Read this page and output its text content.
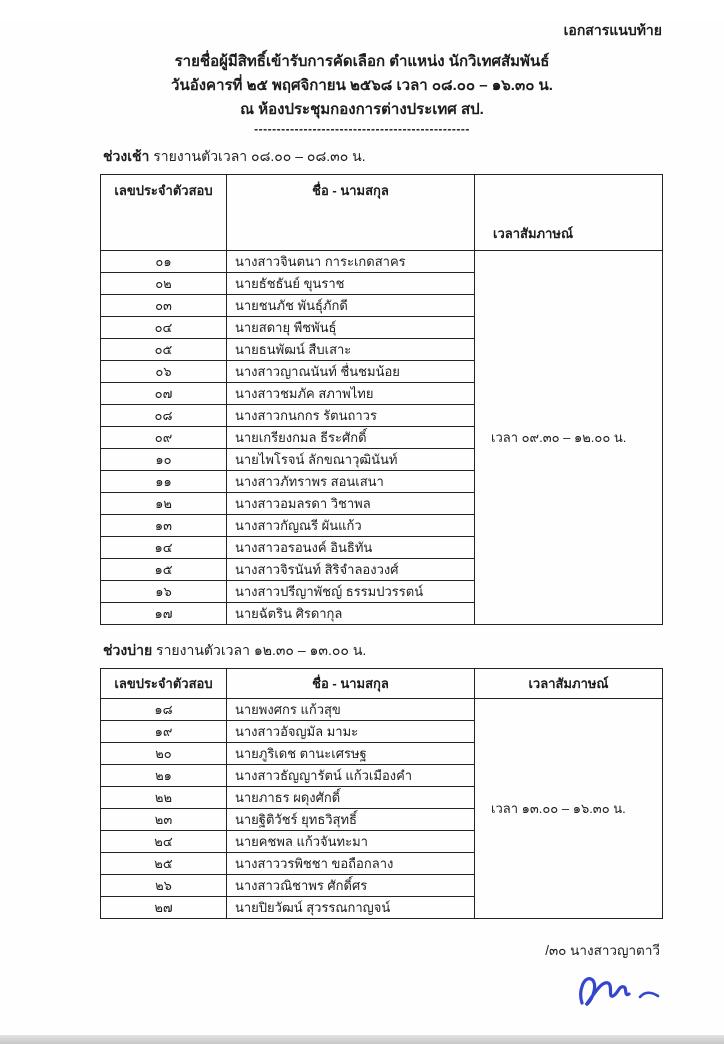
เอกสารแนบท้าย
รายชื่อผู้มีสิทธิ์เข้ารับการคัดเลือก ตำแหน่ง นักวิเทศสัมพันธ์
วันอังคารที่ ๒๕ พฤศจิกายน ๒๕๖๘ เวลา ๐๘.๐๐ – ๑๖.๓๐ น.
ณ ห้องประชุมกองการต่างประเทศ สป.
------------------------------------------------
ช่วงเช้า รายงานตัวเวลา ๐๘.๐๐ – ๐๘.๓๐ น.
เลขประจำตัวสอบ	ชื่อ - นามสกุล	เวลาสัมภาษณ์
๐๑	นางสาวจินตนา การะเกดสาคร	เวลา ๐๙.๓๐ – ๑๒.๐๐ น.
๐๒	นายธัชธันย์ ขุนราช	
๐๓	นายชนภัช พันธุ์ภักดี	
๐๔	นายสดายุ พืชพันธุ์	
๐๕	นายธนพัฒน์ สืบเสาะ	
๐๖	นางสาวญาณนันท์ ชื่นชมน้อย	
๐๗	นางสาวชมภัค สภาพไทย	
๐๘	นางสาวกนกกร รัตนถาวร	
๐๙	นายเกรียงกมล ธีระศักดิ์	
๑๐	นายไพโรจน์ ลักขณาวุฒินันท์	
๑๑	นางสาวภัทราพร สอนเสนา	
๑๒	นางสาวอมลรดา วิชาพล	
๑๓	นางสาวกัญณรี ผันแก้ว	
๑๔	นางสาวอรอนงค์ อินธิทัน	
๑๕	นางสาวจิรนันท์ สิริจำลองวงศ์	
๑๖	นางสาวปรีญาพัชญ์ ธรรมปวรรตน์	
๑๗	นายฉัตริน ศิรดากุล	
ช่วงบ่าย รายงานตัวเวลา ๑๒.๓๐ – ๑๓.๐๐ น.
เลขประจำตัวสอบ	ชื่อ - นามสกุล	เวลาสัมภาษณ์
๑๘	นายพงศกร แก้วสุข	เวลา ๑๓.๐๐ – ๑๖.๓๐ น.
๑๙	นางสาวอัจญมัล มามะ	
๒๐	นายภูริเดช ตานะเศรษฐ	
๒๑	นางสาวธัญญารัตน์ แก้วเมืองคำ	
๒๒	นายภาธร ผดุงศักดิ์	
๒๓	นายฐิติวัชร์ ยุทธวิสุทธิ์	
๒๔	นายคชพล แก้วจันทะมา	
๒๕	นางสาววรพิชชา ขอถือกลาง	
๒๖	นางสาวณิชาพร ศักดิ์ศร	
๒๗	นายปิยวัฒน์ สุวรรณกาญจน์	
/๓๐ นางสาวญาตาวี
